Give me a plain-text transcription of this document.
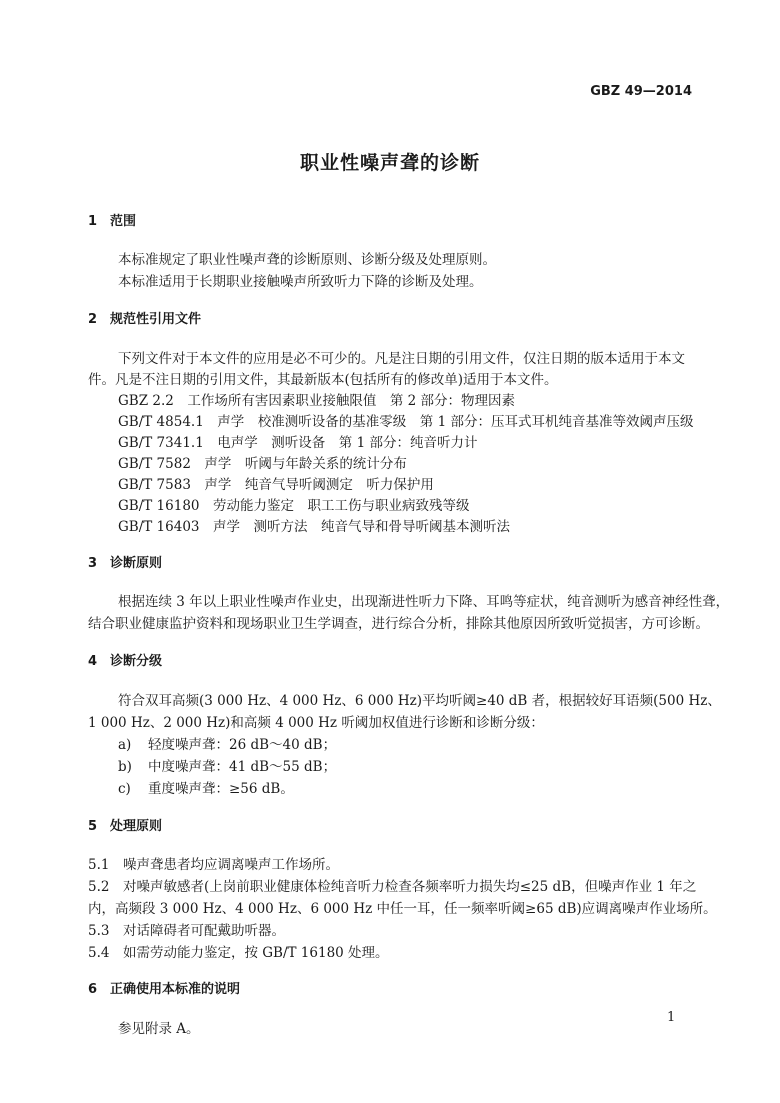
GBZ 49—2014
职业性噪声聋的诊断
1 范围
本标准规定了职业性噪声聋的诊断原则、诊断分级及处理原则。
本标准适用于长期职业接触噪声所致听力下降的诊断及处理。
2 规范性引用文件
下列文件对于本文件的应用是必不可少的。凡是注日期的引用文件，仅注日期的版本适用于本文
件。凡是不注日期的引用文件，其最新版本(包括所有的修改单)适用于本文件。
GBZ 2.2　工作场所有害因素职业接触限值　第 2 部分：物理因素
GB/T 4854.1　声学　校准测听设备的基准零级　第 1 部分：压耳式耳机纯音基准等效阈声压级
GB/T 7341.1　电声学　测听设备　第 1 部分：纯音听力计
GB/T 7582　声学　听阈与年龄关系的统计分布
GB/T 7583　声学　纯音气导听阈测定　听力保护用
GB/T 16180　劳动能力鉴定　职工工伤与职业病致残等级
GB/T 16403　声学　测听方法　纯音气导和骨导听阈基本测听法
3 诊断原则
根据连续 3 年以上职业性噪声作业史，出现渐进性听力下降、耳鸣等症状，纯音测听为感音神经性聋，
结合职业健康监护资料和现场职业卫生学调查，进行综合分析，排除其他原因所致听觉损害，方可诊断。
4 诊断分级
符合双耳高频(3 000 Hz、4 000 Hz、6 000 Hz)平均听阈≥40 dB 者，根据较好耳语频(500 Hz、
1 000 Hz、2 000 Hz)和高频 4 000 Hz 听阈加权值进行诊断和诊断分级：
a) 轻度噪声聋：26 dB～40 dB；
b) 中度噪声聋：41 dB～55 dB；
c) 重度噪声聋：≥56 dB。
5 处理原则
5.1　噪声聋患者均应调离噪声工作场所。
5.2　对噪声敏感者(上岗前职业健康体检纯音听力检查各频率听力损失均≤25 dB，但噪声作业 1 年之
内，高频段 3 000 Hz、4 000 Hz、6 000 Hz 中任一耳，任一频率听阈≥65 dB)应调离噪声作业场所。
5.3　对话障碍者可配戴助听器。
5.4　如需劳动能力鉴定，按 GB/T 16180 处理。
6 正确使用本标准的说明
参见附录 A。
1
